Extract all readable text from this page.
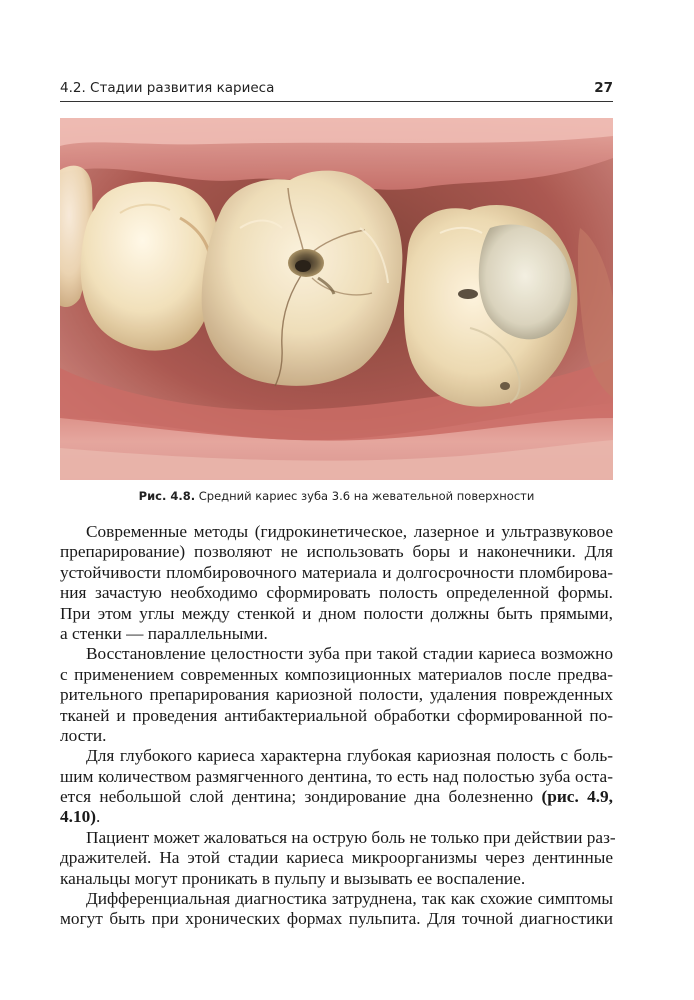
4.2. Стадии развития кариеса	27
Рис. 4.8. Средний кариес зуба 3.6 на жевательной поверхности

Современные методы (гидрокинетическое, лазерное и ультразвуковое
препарирование) позволяют не использовать боры и наконечники. Для
устойчивости пломбировочного материала и долгосрочности пломбирова-
ния зачастую необходимо сформировать полость определенной формы.
При этом углы между стенкой и дном полости должны быть прямыми,
а стенки — параллельными.

Восстановление целостности зуба при такой стадии кариеса возможно
с применением современных композиционных материалов после предва-
рительного препарирования кариозной полости, удаления поврежденных
тканей и проведения антибактериальной обработки сформированной по-
лости.

Для глубокого кариеса характерна глубокая кариозная полость с боль-
шим количеством размягченного дентина, то есть над полостью зуба оста-
ется небольшой слой дентина; зондирование дна болезненно (рис. 4.9,
4.10).

Пациент может жаловаться на острую боль не только при действии раз-
дражителей. На этой стадии кариеса микроорганизмы через дентинные
канальцы могут проникать в пульпу и вызывать ее воспаление.

Дифференциальная диагностика затруднена, так как схожие симптомы
могут быть при хронических формах пульпита. Для точной диагностики
